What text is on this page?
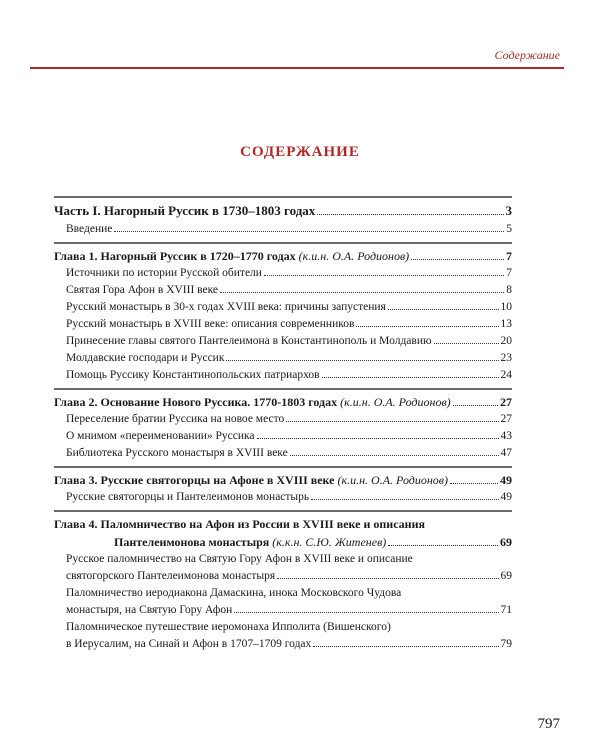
Содержание
СОДЕРЖАНИЕ
Часть I. Нагорный Руссик в 1730–1803 годах	3
Введение	5
Глава 1. Нагорный Руссик в 1720–1770 годах (к.и.н. О.А. Родионов)	7
Источники по истории Русской обители	7
Святая Гора Афон в XVIII веке	8
Русский монастырь в 30-х годах XVIII века: причины запустения	10
Русский монастырь в XVIII веке: описания современников	13
Принесение главы святого Пантелеимона в Константинополь и Молдавию	20
Молдавские господари и Руссик	23
Помощь Руссику Константинопольских патриархов	24
Глава 2. Основание Нового Руссика. 1770-1803 годах (к.и.н. О.А. Родионов)	27
Переселение братии Руссика на новое место	27
О мнимом «переименовании» Руссика	43
Библиотека Русского монастыря в XVIII веке	47
Глава 3. Русские святогорцы на Афоне в XVIII веке (к.и.н. О.А. Родионов)	49
Русские святогорцы и Пантелеимонов монастырь	49
Глава 4. Паломничество на Афон из России в XVIII веке и описания
Пантелеимонова монастыря (к.к.н. С.Ю. Житенев)	69
Русское паломничество на Святую Гору Афон в XVIII веке и описание
святогорского Пантелеимонова монастыря	69
Паломничество иеродиакона Дамаскина, инока Московского Чудова
монастыря, на Святую Гору Афон	71
Паломническое путешествие иеромонаха Ипполита (Вишенского)
в Иерусалим, на Синай и Афон в 1707–1709 годах	79
797
